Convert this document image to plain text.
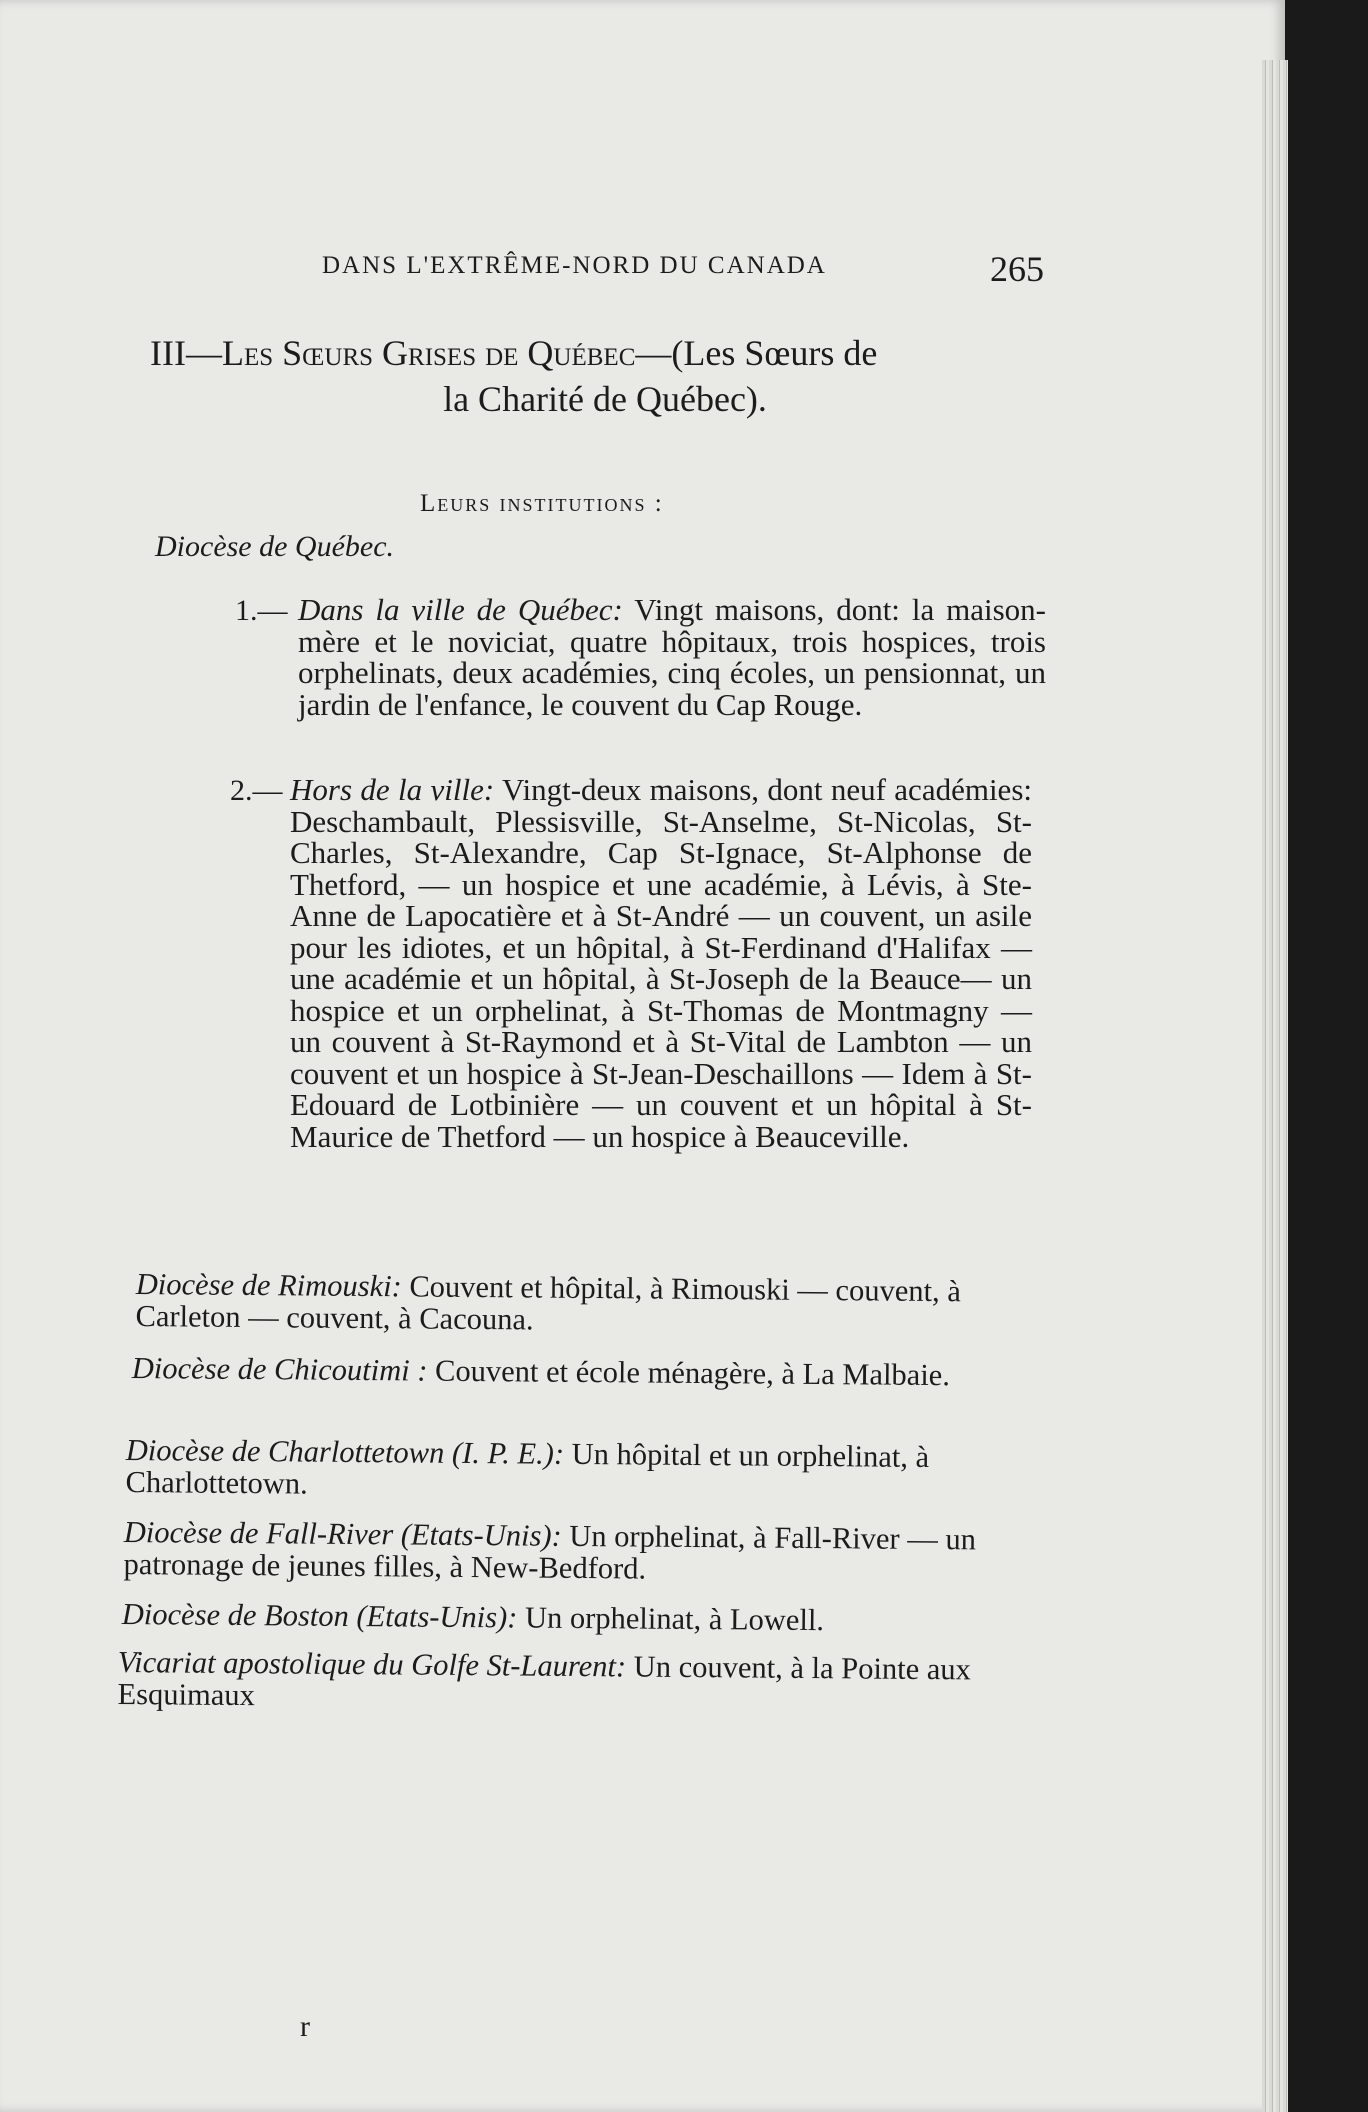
DANS L'EXTRÊME-NORD DU CANADA	265
III—Les Sœurs Grises de Québec—(Les Sœurs de
la Charité de Québec).
Leurs institutions :
Diocèse de Québec.
1.— Dans la ville de Québec: Vingt maisons, dont: la maison-mère et le noviciat, quatre hôpitaux, trois hospices, trois orphelinats, deux académies, cinq écoles, un pensionnat, un jardin de l'enfance, le couvent du Cap Rouge.
2.— Hors de la ville: Vingt-deux maisons, dont neuf académies: Deschambault, Plessisville, St-Anselme, St-Nicolas, St-Charles, St-Alexandre, Cap St-Ignace, St-Alphonse de Thetford, — un hospice et une académie, à Lévis, à Ste-Anne de Lapocatière et à St-André — un couvent, un asile pour les idiotes, et un hôpital, à St-Ferdinand d'Halifax — une académie et un hôpital, à St-Joseph de la Beauce— un hospice et un orphelinat, à St-Thomas de Montmagny — un couvent à St-Raymond et à St-Vital de Lambton — un couvent et un hospice à St-Jean-Deschaillons — Idem à St-Edouard de Lotbinière — un couvent et un hôpital à St-Maurice de Thetford — un hospice à Beauceville.
Diocèse de Rimouski: Couvent et hôpital, à Rimouski — couvent, à Carleton — couvent, à Cacouna.
Diocèse de Chicoutimi : Couvent et école ménagère, à La Malbaie.
Diocèse de Charlottetown (I. P. E.): Un hôpital et un orphelinat, à Charlottetown.
Diocèse de Fall-River (Etats-Unis): Un orphelinat, à Fall-River — un patronage de jeunes filles, à New-Bedford.
Diocèse de Boston (Etats-Unis): Un orphelinat, à Lowell.
Vicariat apostolique du Golfe St-Laurent: Un couvent, à la Pointe aux Esquimaux
r
